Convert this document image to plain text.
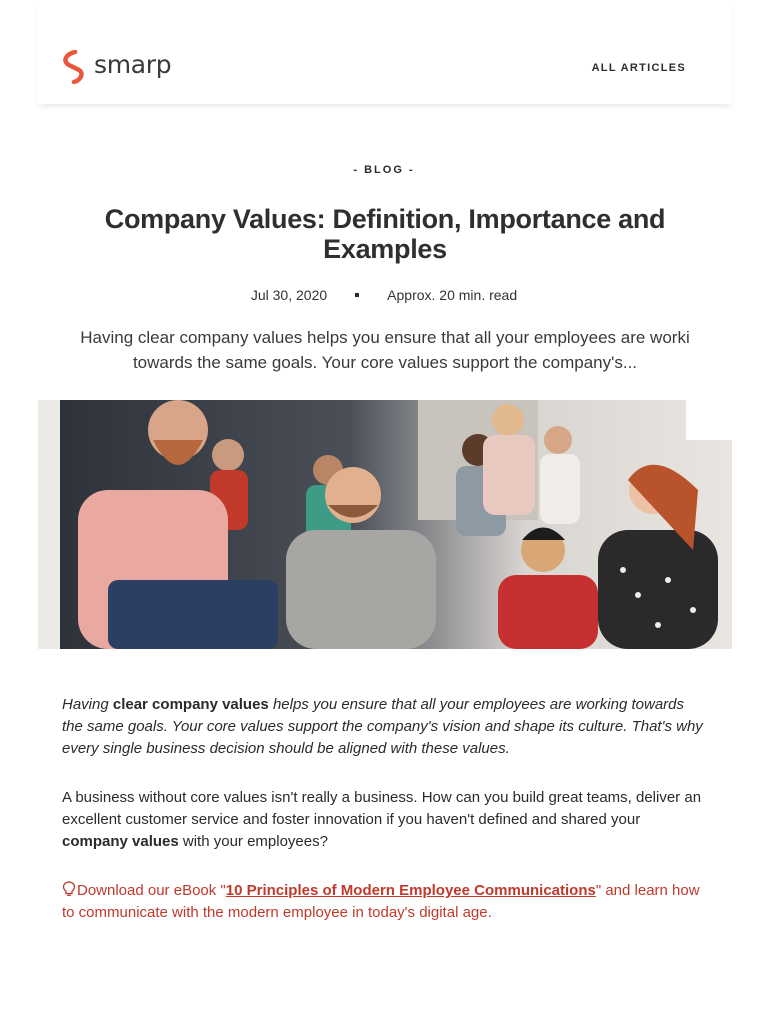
smarp	ALL ARTICLES
- BLOG -
Company Values: Definition, Importance and Examples
Jul 30, 2020	Approx. 20 min. read
Having clear company values helps you ensure that all your employees are worki
towards the same goals. Your core values support the company's...

Having clear company values helps you ensure that all your employees are working towards the same goals. Your core values support the company's vision and shape its culture. That's why every single business decision should be aligned with these values.

A business without core values isn't really a business. How can you build great teams, deliver an excellent customer service and foster innovation if you haven't defined and shared your company values with your employees?

Download our eBook "10 Principles of Modern Employee Communications" and learn how to communicate with the modern employee in today's digital age.
